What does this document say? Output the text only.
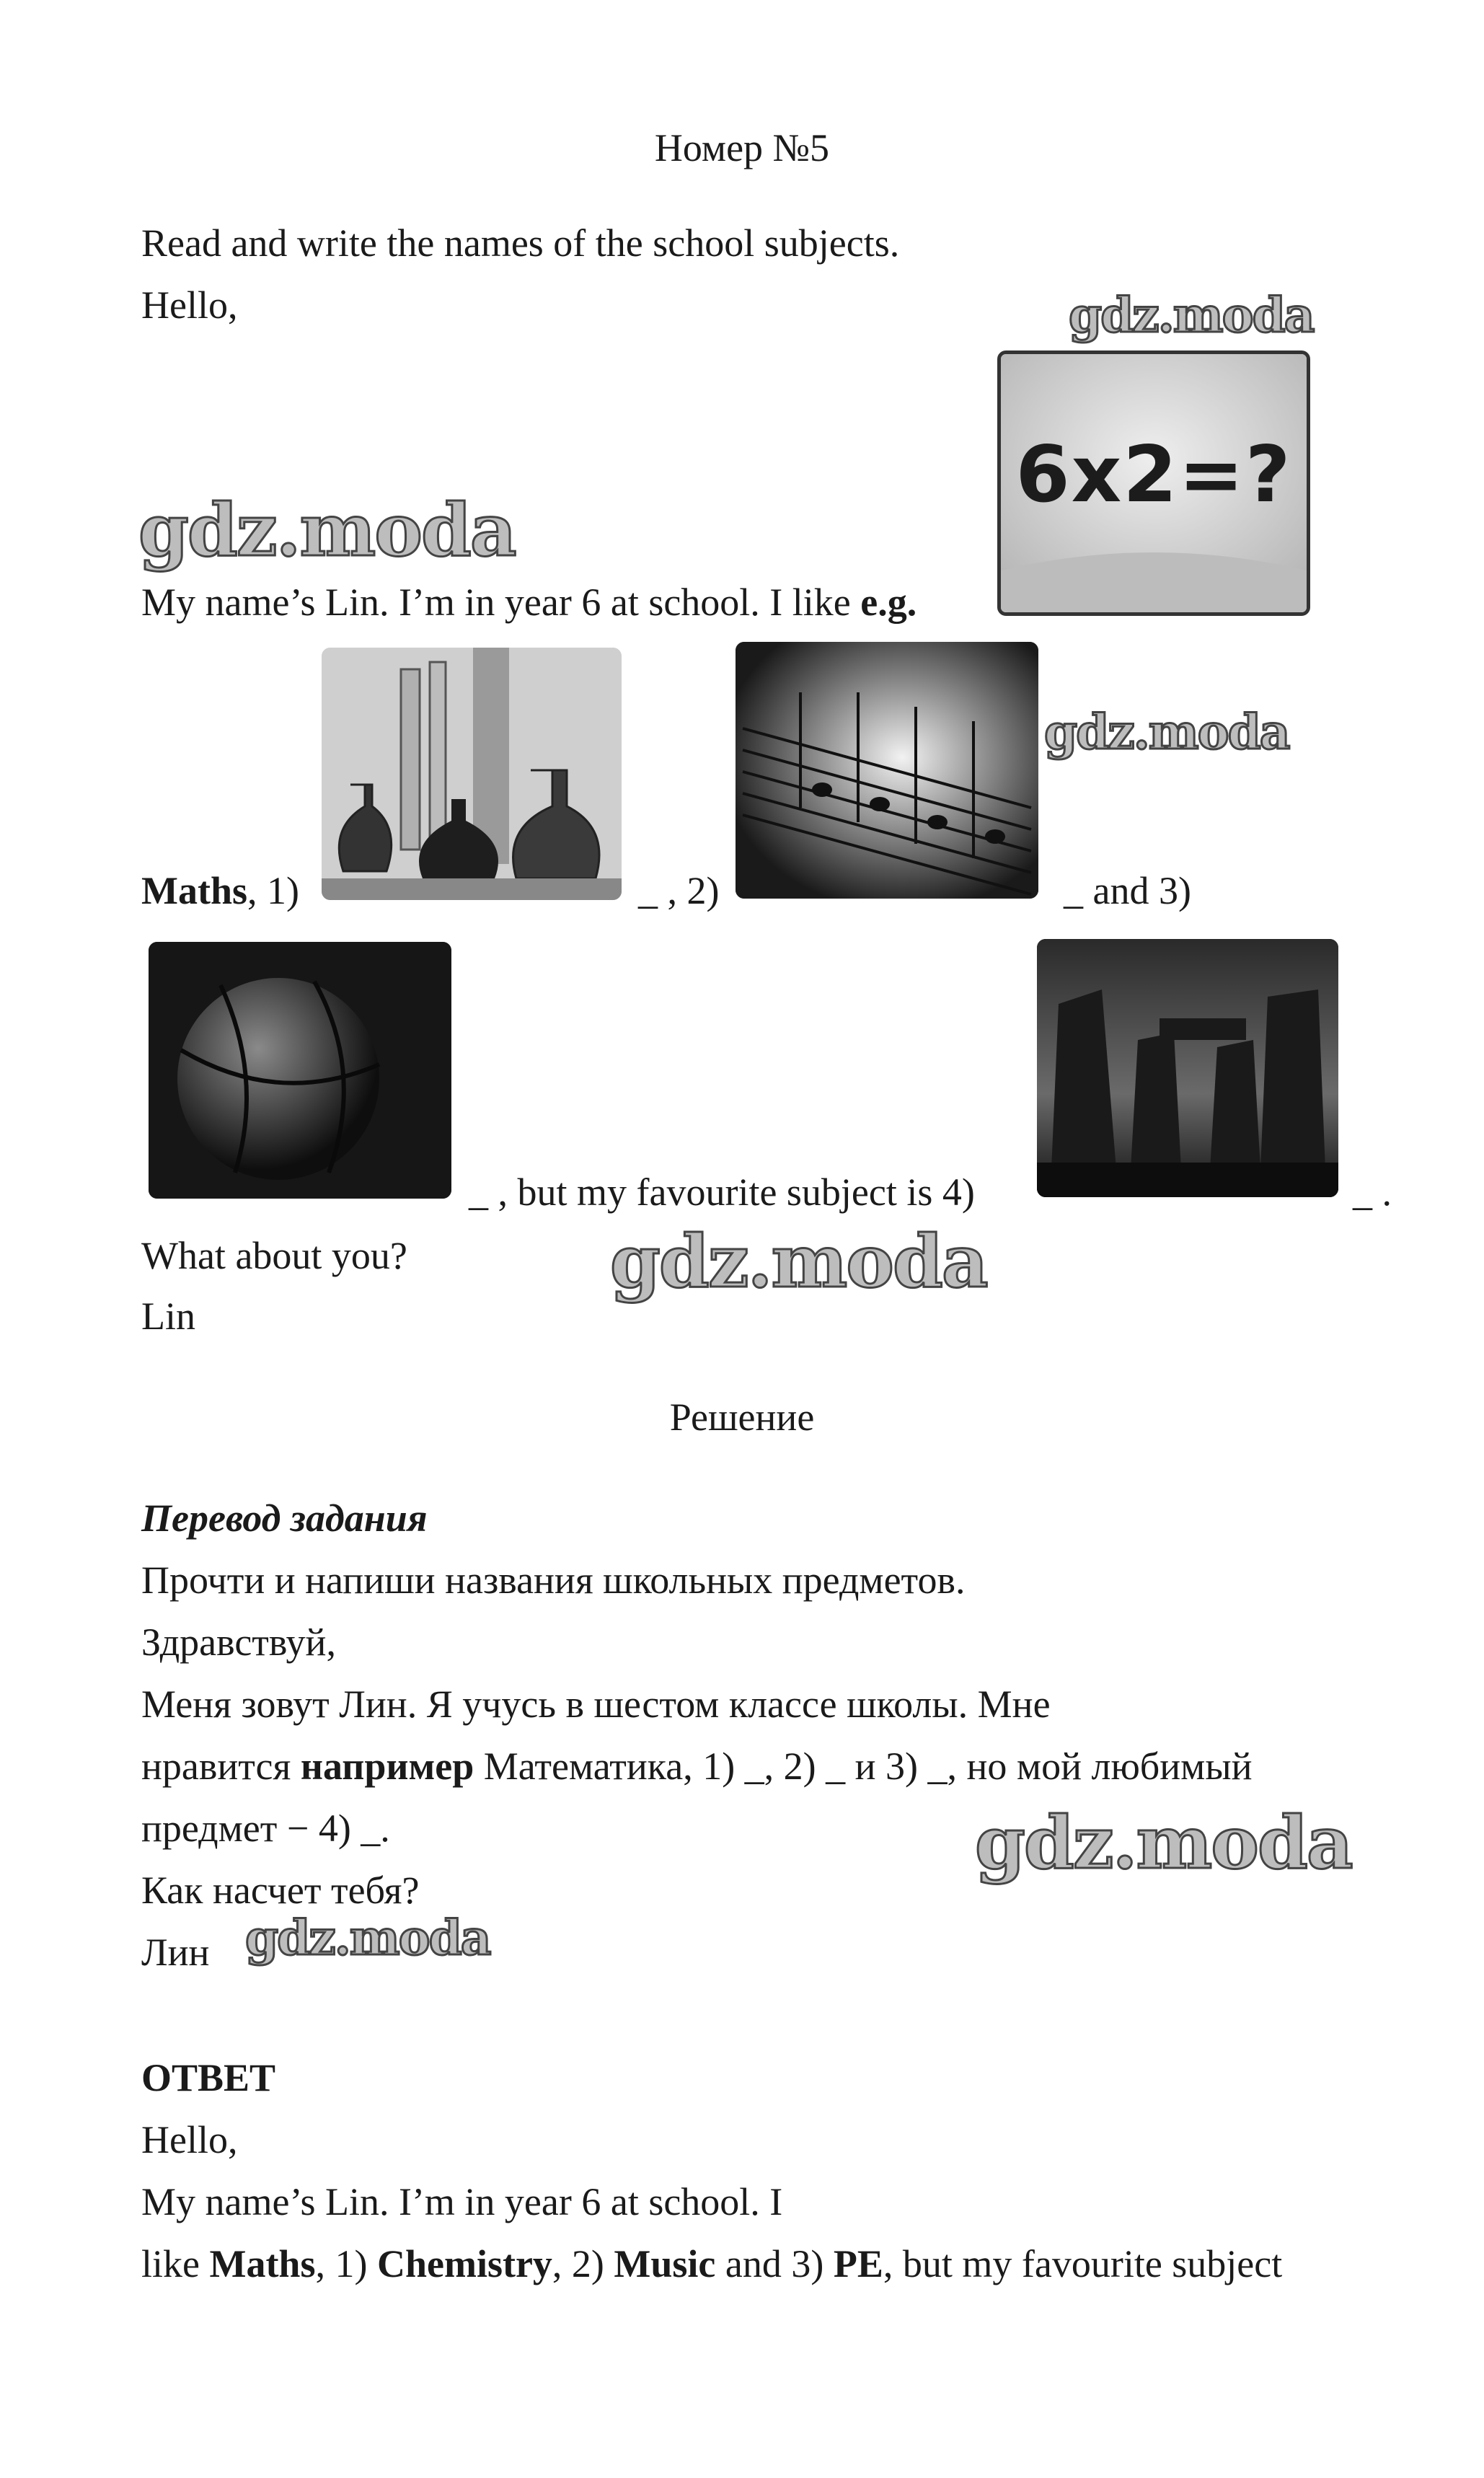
Номер №5
Read and write the names of the school subjects.
Hello,
6x2=?
My name’s Lin. I’m in year 6 at school. I like e.g.
Maths, 1)	_ , 2)	_ and 3)
_ , but my favourite subject is 4)	_ .
What about you?
Lin
Решение
Перевод задания
Прочти и напиши названия школьных предметов.
Здравствуй,
Меня зовут Лин. Я учусь в шестом классе школы. Мне
нравится например Математика, 1) _, 2) _ и 3) _, но мой любимый
предмет − 4) _.
Как насчет тебя?
Лин
ОТВЕТ
Hello,
My name’s Lin. I’m in year 6 at school. I
like Maths, 1) Chemistry, 2) Music and 3) PE, but my favourite subject
gdz.moda
gdz.moda
gdz.moda
gdz.moda
gdz.moda
gdz.moda
